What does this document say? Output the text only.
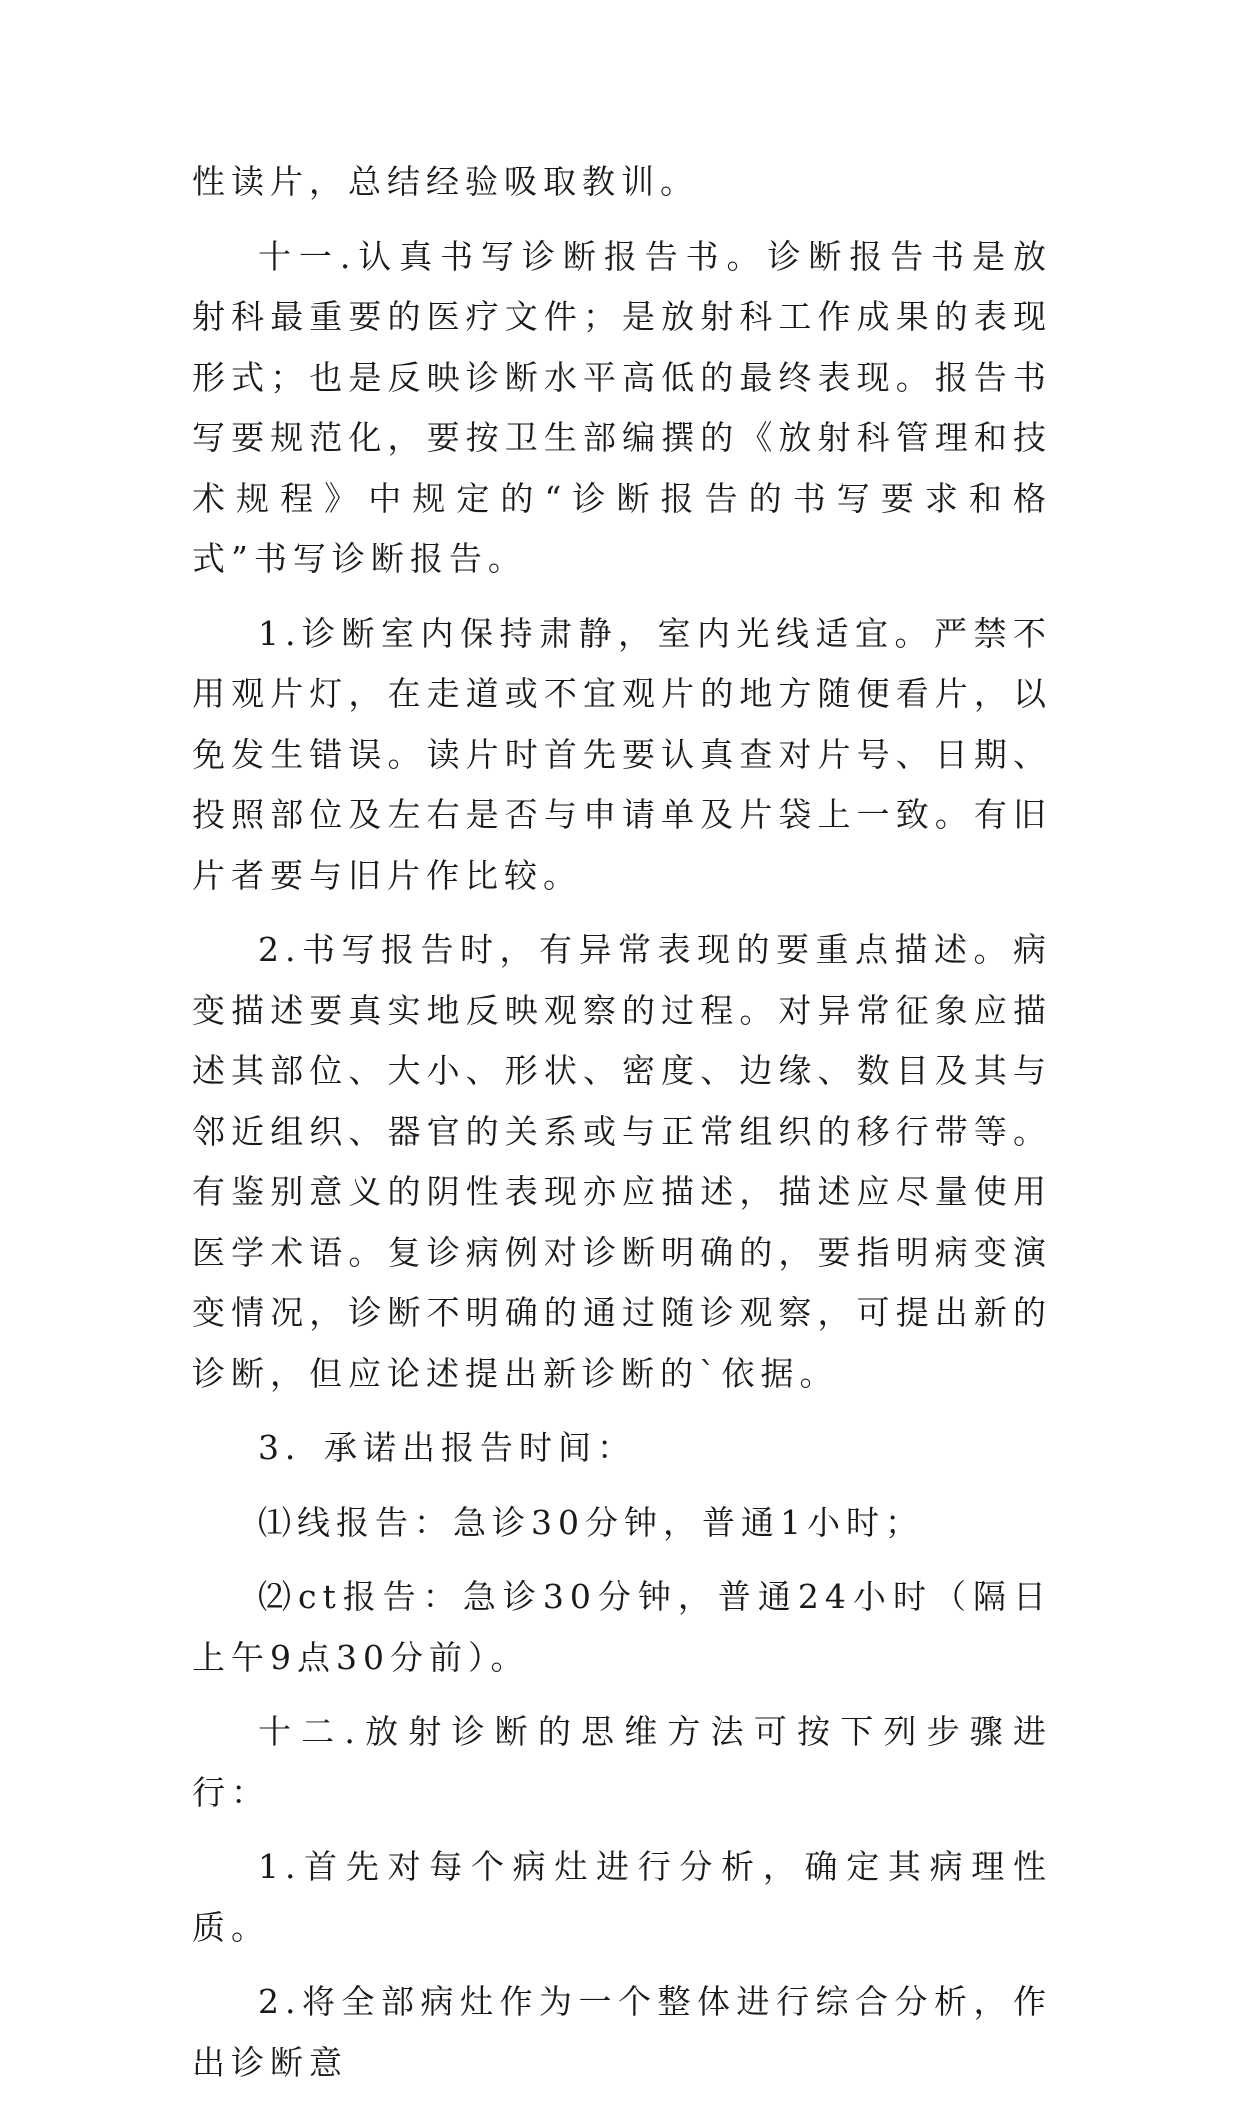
性读片，总结经验吸取教训。

十一.认真书写诊断报告书。诊断报告书是放射科最重要的医疗文件；是放射科工作成果的表现形式；也是反映诊断水平高低的最终表现。报告书写要规范化，要按卫生部编撰的《放射科管理和技术规程》中规定的“诊断报告的书写要求和格式”书写诊断报告。

1.诊断室内保持肃静，室内光线适宜。严禁不用观片灯，在走道或不宜观片的地方随便看片，以免发生错误。读片时首先要认真查对片号、日期、投照部位及左右是否与申请单及片袋上一致。有旧片者要与旧片作比较。

2.书写报告时，有异常表现的要重点描述。病变描述要真实地反映观察的过程。对异常征象应描述其部位、大小、形状、密度、边缘、数目及其与邻近组织、器官的关系或与正常组织的移行带等。有鉴别意义的阴性表现亦应描述，描述应尽量使用医学术语。复诊病例对诊断明确的，要指明病变演变情况，诊断不明确的通过随诊观察，可提出新的诊断，但应论述提出新诊断的`依据。

3．承诺出报告时间：

⑴线报告：急诊30分钟，普通1小时；

⑵ct报告：急诊30分钟，普通24小时（隔日上午9点30分前）。

十二.放射诊断的思维方法可按下列步骤进行：

1.首先对每个病灶进行分析，确定其病理性质。

2.将全部病灶作为一个整体进行综合分析，作出诊断意
